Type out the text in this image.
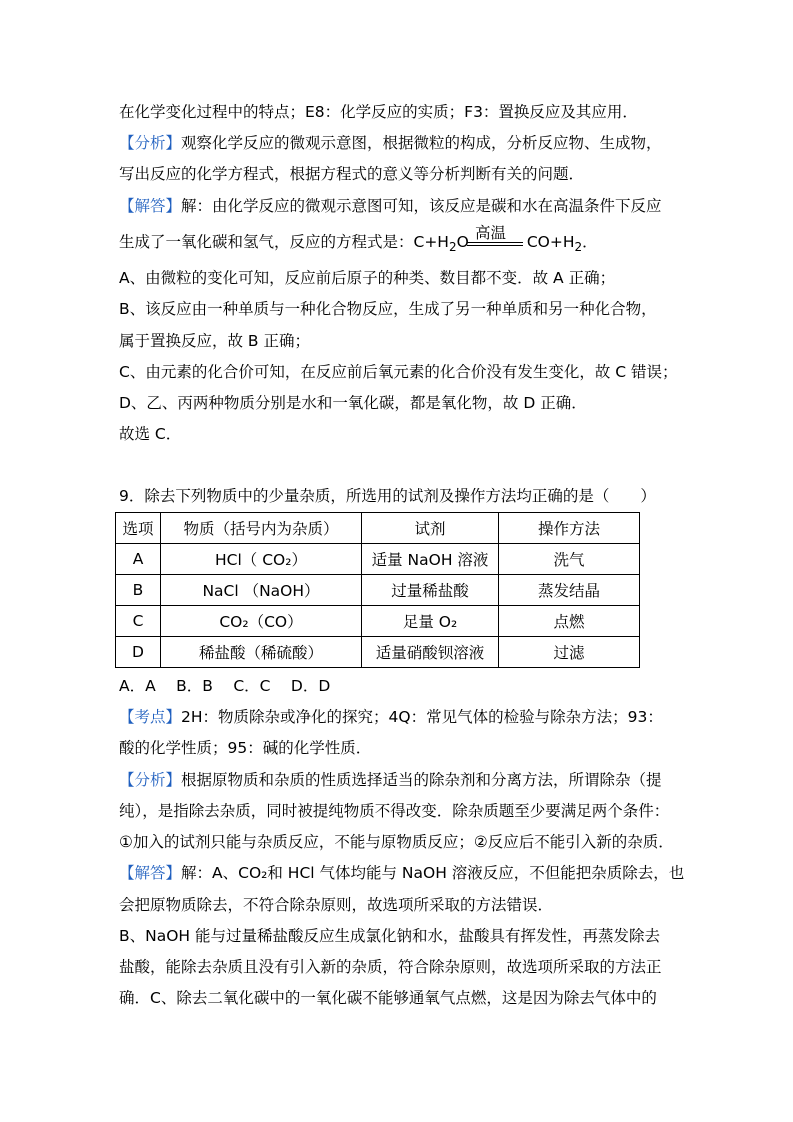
在化学变化过程中的特点；E8：化学反应的实质；F3：置换反应及其应用．
【分析】观察化学反应的微观示意图，根据微粒的构成，分析反应物、生成物，
写出反应的化学方程式，根据方程式的意义等分析判断有关的问题．
【解答】解：由化学反应的微观示意图可知，该反应是碳和水在高温条件下反应
生成了一氧化碳和氢气，反应的方程式是：$C+H_2O$	$CO+H_2$．
高温
A、由微粒的变化可知，反应前后原子的种类、数目都不变．故 A 正确；
B、该反应由一种单质与一种化合物反应，生成了另一种单质和另一种化合物，
属于置换反应，故 B 正确；
C、由元素的化合价可知，在反应前后氧元素的化合价没有发生变化，故 C 错误；
D、乙、丙两种物质分别是水和一氧化碳，都是氧化物，故 D 正确．
故选 C．
9．除去下列物质中的少量杂质，所选用的试剂及操作方法均正确的是（　　）
选项	物质（括号内为杂质）	试剂	操作方法
A	HCl（ CO₂）	适量 NaOH 溶液	洗气
B	NaCl （NaOH）	过量稀盐酸	蒸发结晶
C	CO₂（CO）	足量 O₂	点燃
D	稀盐酸（稀硫酸）	适量硝酸钡溶液	过滤
A．A　 B．B　 C．C　 D．D
【考点】2H：物质除杂或净化的探究；4Q：常见气体的检验与除杂方法；93：
酸的化学性质；95：碱的化学性质．
【分析】根据原物质和杂质的性质选择适当的除杂剂和分离方法，所谓除杂（提
纯），是指除去杂质，同时被提纯物质不得改变．除杂质题至少要满足两个条件：
①加入的试剂只能与杂质反应，不能与原物质反应；②反应后不能引入新的杂质．
【解答】解：A、CO₂和 HCl 气体均能与 NaOH 溶液反应，不但能把杂质除去，也
会把原物质除去，不符合除杂原则，故选项所采取的方法错误．
B、NaOH 能与过量稀盐酸反应生成氯化钠和水，盐酸具有挥发性，再蒸发除去
盐酸，能除去杂质且没有引入新的杂质，符合除杂原则，故选项所采取的方法正
确．C、除去二氧化碳中的一氧化碳不能够通氧气点燃，这是因为除去气体中的
